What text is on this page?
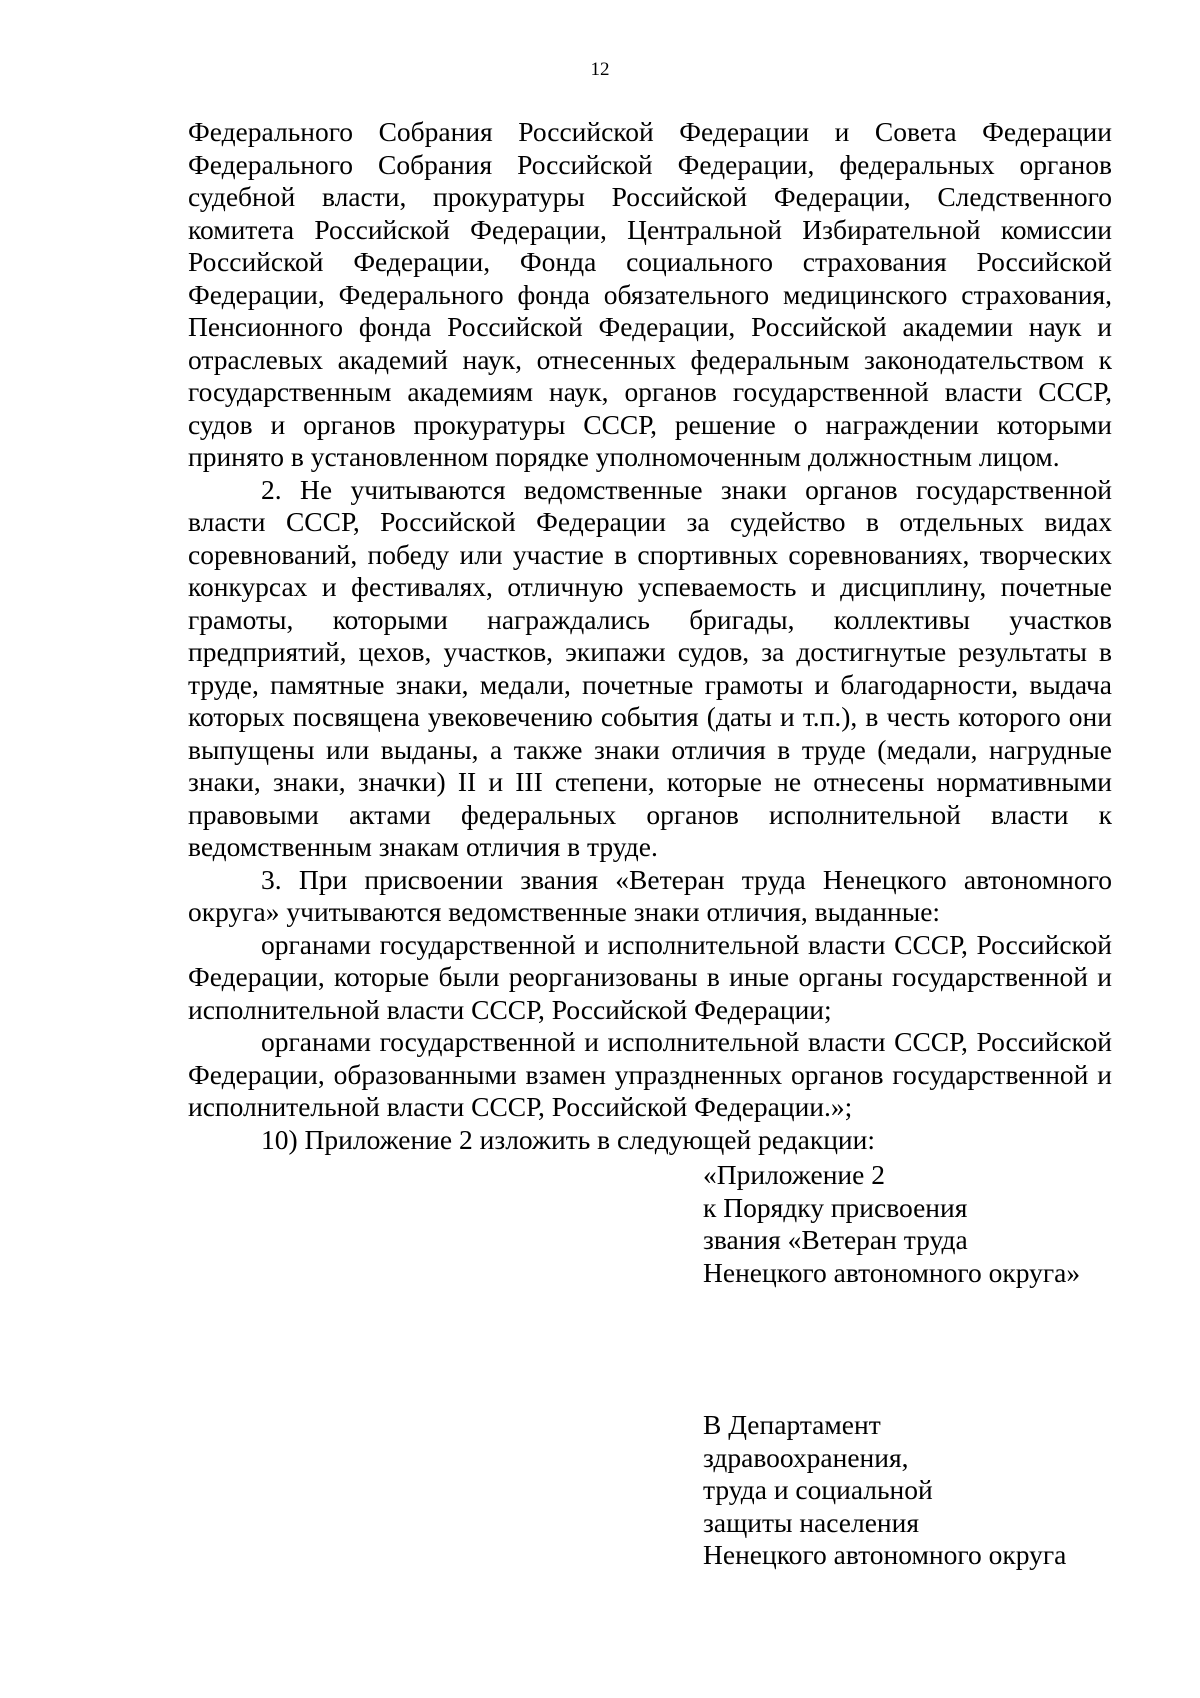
12

Федерального Собрания Российской Федерации и Совета Федерации Федерального Собрания Российской Федерации, федеральных органов судебной власти, прокуратуры Российской Федерации, Следственного комитета Российской Федерации, Центральной Избирательной комиссии Российской Федерации, Фонда социального страхования Российской Федерации, Федерального фонда обязательного медицинского страхования, Пенсионного фонда Российской Федерации, Российской академии наук и отраслевых академий наук, отнесенных федеральным законодательством к государственным академиям наук, органов государственной власти СССР, судов и органов прокуратуры СССР, решение о награждении которыми принято в установленном порядке уполномоченным должностным лицом.

2. Не учитываются ведомственные знаки органов государственной власти СССР, Российской Федерации за судейство в отдельных видах соревнований, победу или участие в спортивных соревнованиях, творческих конкурсах и фестивалях, отличную успеваемость и дисциплину, почетные грамоты, которыми награждались бригады, коллективы участков предприятий, цехов, участков, экипажи судов, за достигнутые результаты в труде, памятные знаки, медали, почетные грамоты и благодарности, выдача которых посвящена увековечению события (даты и т.п.), в честь которого они выпущены или выданы, а также знаки отличия в труде (медали, нагрудные знаки, знаки, значки) II и III степени, которые не отнесены нормативными правовыми актами федеральных органов исполнительной власти к ведомственным знакам отличия в труде.

3. При присвоении звания «Ветеран труда Ненецкого автономного округа» учитываются ведомственные знаки отличия, выданные:

органами государственной и исполнительной власти СССР, Российской Федерации, которые были реорганизованы в иные органы государственной и исполнительной власти СССР, Российской Федерации;

органами государственной и исполнительной власти СССР, Российской Федерации, образованными взамен упраздненных органов государственной и исполнительной власти СССР, Российской Федерации.»;

10) Приложение 2 изложить в следующей редакции:

«Приложение 2
к Порядку присвоения
звания «Ветеран труда
Ненецкого автономного округа»
В Департамент
здравоохранения,
труда и социальной
защиты населения
Ненецкого автономного округа
